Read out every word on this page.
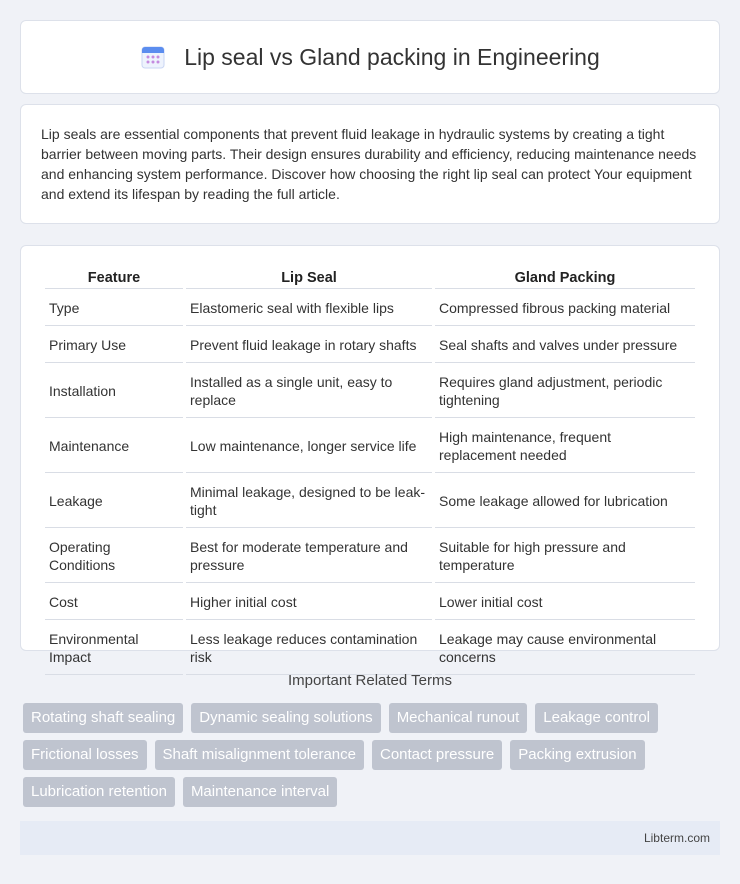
Lip seal vs Gland packing in Engineering

Lip seals are essential components that prevent fluid leakage in hydraulic systems by creating a tight barrier between moving parts. Their design ensures durability and efficiency, reducing maintenance needs and enhancing system performance. Discover how choosing the right lip seal can protect Your equipment and extend its lifespan by reading the full article.

Feature	Lip Seal	Gland Packing
Type	Elastomeric seal with flexible lips	Compressed fibrous packing material
Primary Use	Prevent fluid leakage in rotary shafts	Seal shafts and valves under pressure
Installation	Installed as a single unit, easy to replace	Requires gland adjustment, periodic tightening
Maintenance	Low maintenance, longer service life	High maintenance, frequent replacement needed
Leakage	Minimal leakage, designed to be leak-tight	Some leakage allowed for lubrication
Operating Conditions	Best for moderate temperature and pressure	Suitable for high pressure and temperature
Cost	Higher initial cost	Lower initial cost
Environmental Impact	Less leakage reduces contamination risk	Leakage may cause environmental concerns
Important Related Terms
Rotating shaft sealing	Dynamic sealing solutions	Mechanical runout	Leakage control
Frictional losses	Shaft misalignment tolerance	Contact pressure	Packing extrusion
Lubrication retention	Maintenance interval
Libterm.com
